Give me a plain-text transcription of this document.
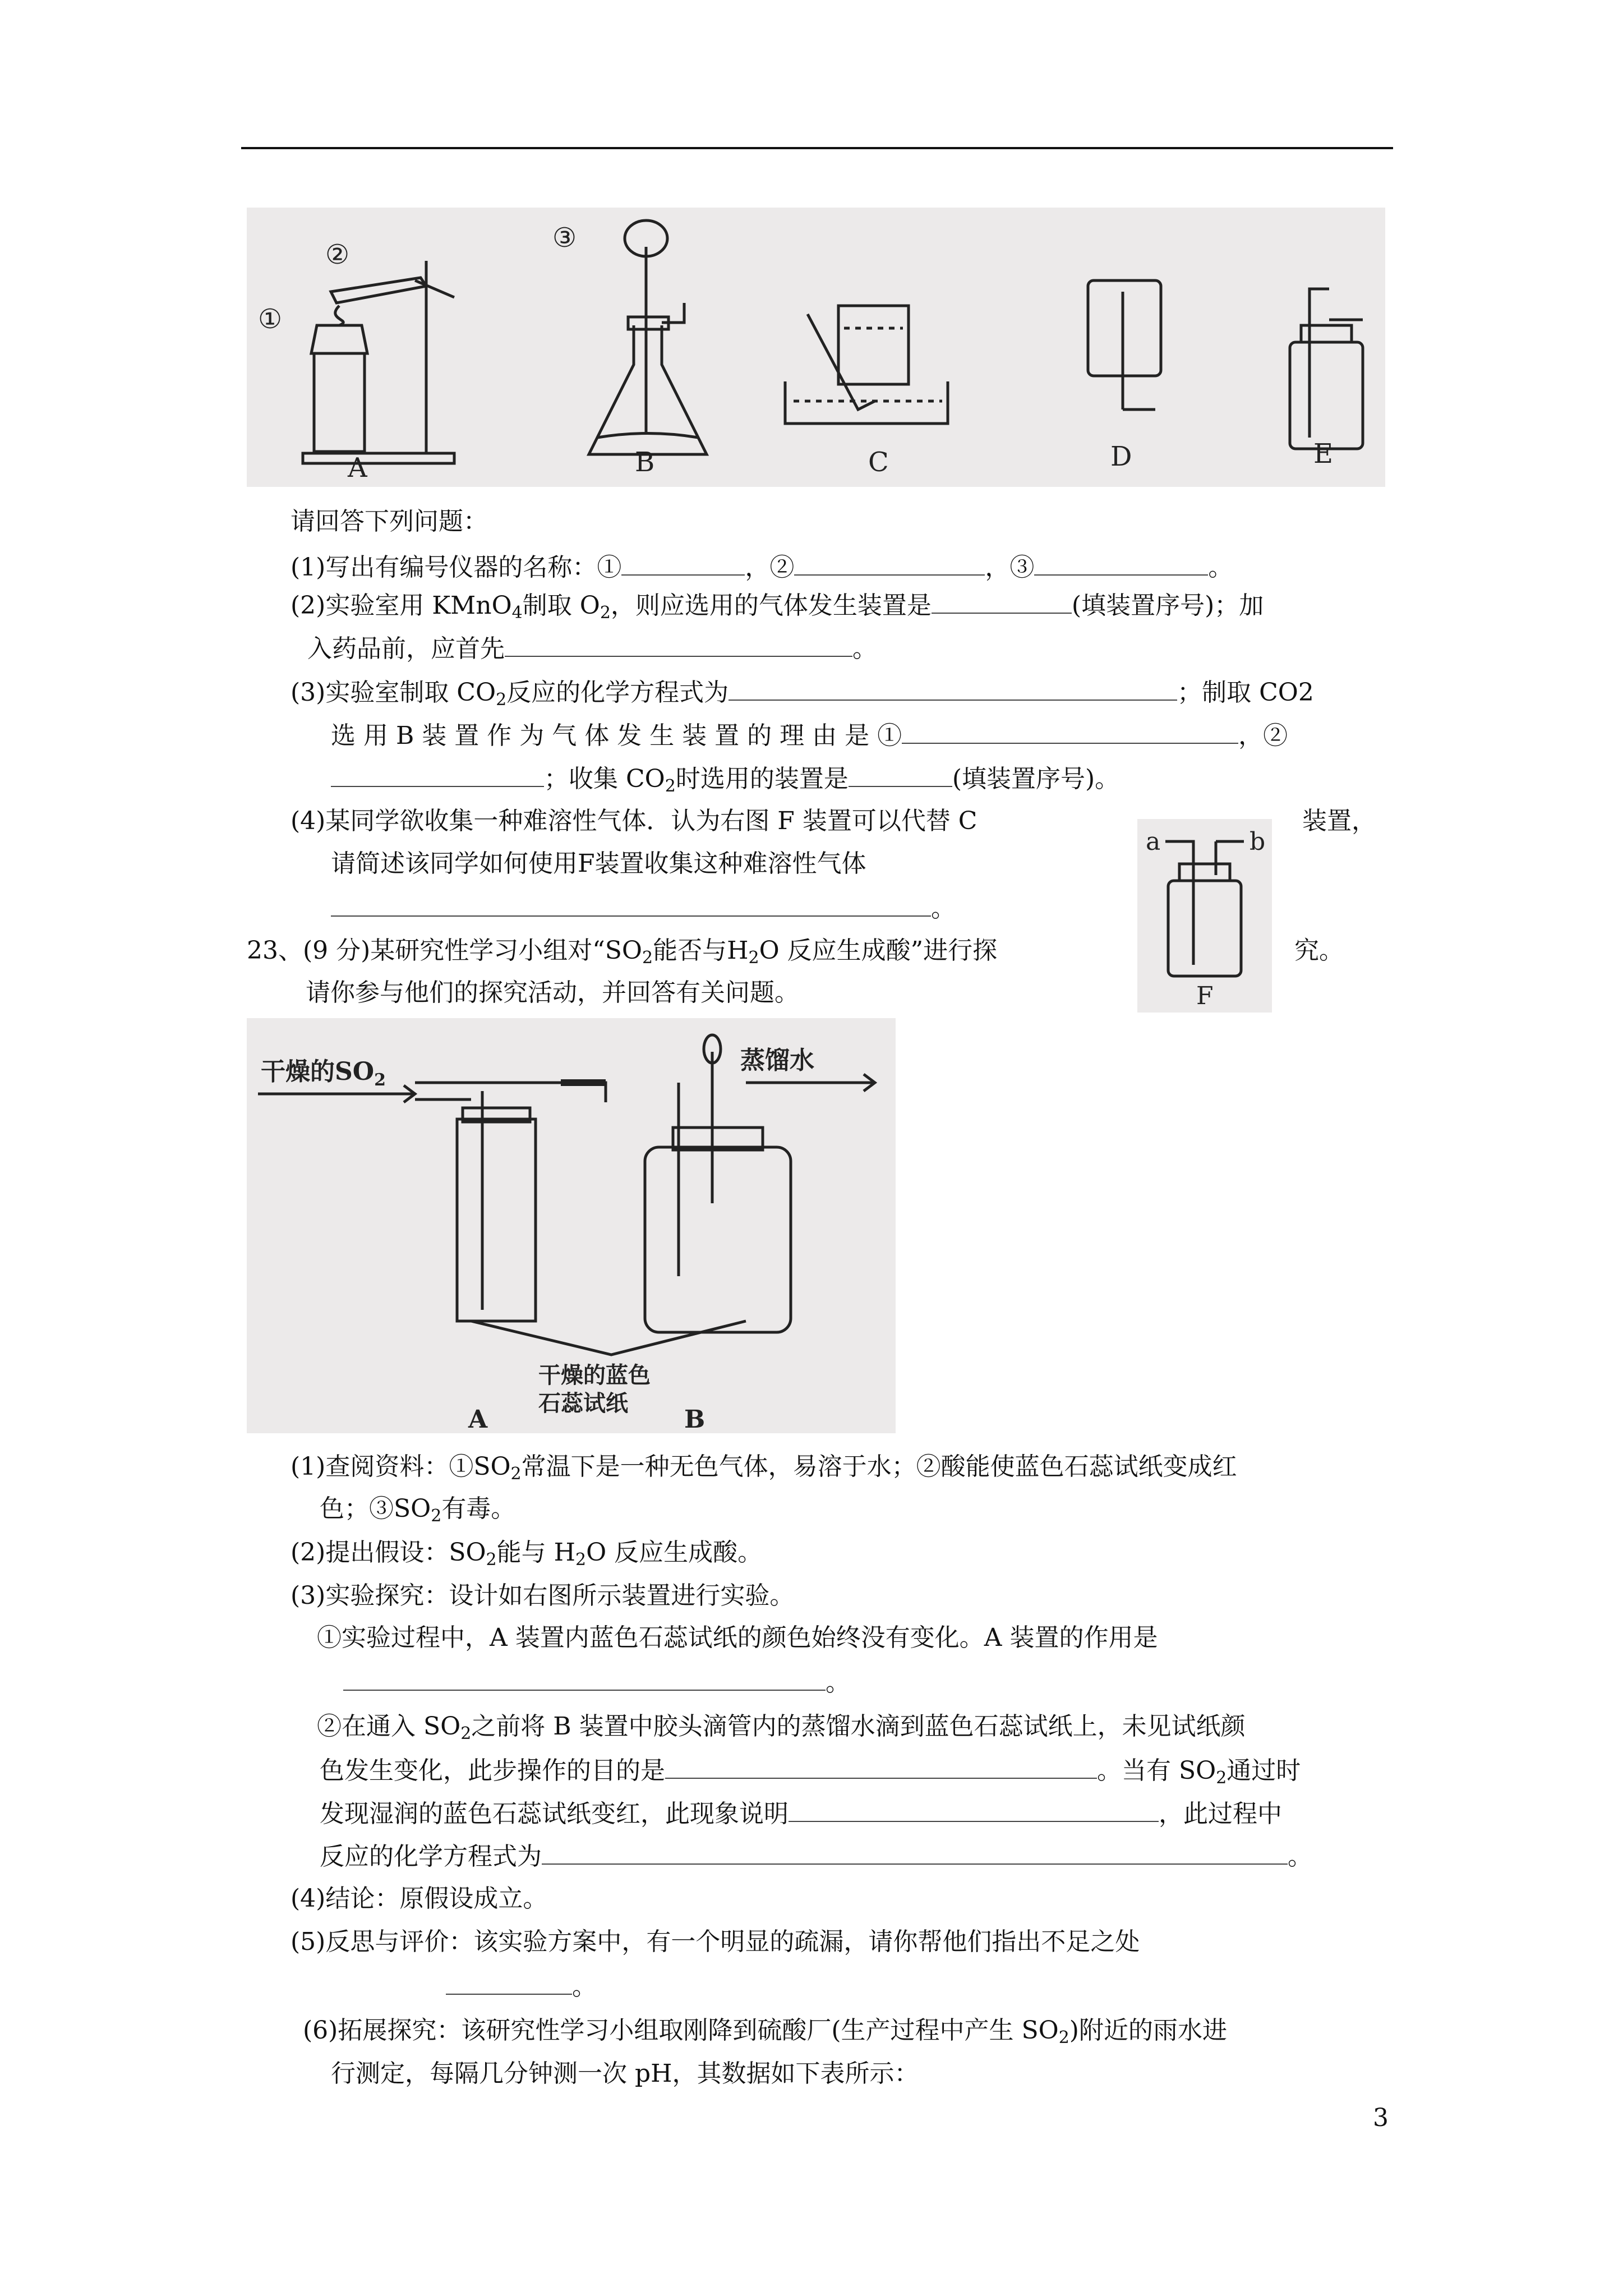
①
②
③
A	B	C	D	E
a	b
F
干燥的$SO_2$
蒸馏水
干燥的蓝色
石蕊试纸
A	B
请回答下列问题：
(1)写出有编号仪器的名称：①	，②	，③	。
(2)实验室用 KMnO$_4$制取 $O_2$，则应选用的气体发生装置是	(填装置序号)；加
入药品前，应首先	。
(3)实验室制取 $CO_2$反应的化学方程式为	；制取 CO2
选 用 B 装 置 作 为 气 体 发 生 装 置 的 理 由 是 ①	，②
；收集 $CO_2$时选用的装置是	(填装置序号)。
(4)某同学欲收集一种难溶性气体．认为右图 F 装置可以代替 C	装置，
请简述该同学如何使用F装置收集这种难溶性气体
。
23、(9 分)某研究性学习小组对“$SO_2$能否与$H_2O$ 反应生成酸”进行探	究。
请你参与他们的探究活动，并回答有关问题。
(1)查阅资料：$①SO_2$常温下是一种无色气体，易溶于水；②酸能使蓝色石蕊试纸变成红
色；$③SO_2$有毒。
(2)提出假设：$SO_2$能与 $H_2O$ 反应生成酸。
(3)实验探究：设计如右图所示装置进行实验。
①实验过程中，A 装置内蓝色石蕊试纸的颜色始终没有变化。A 装置的作用是
。
②在通入 $SO_2$之前将 B 装置中胶头滴管内的蒸馏水滴到蓝色石蕊试纸上，未见试纸颜
色发生变化，此步操作的目的是	。当有 $SO_2$通过时
发现湿润的蓝色石蕊试纸变红，此现象说明	，此过程中
反应的化学方程式为	。
(4)结论：原假设成立。
(5)反思与评价：该实验方案中，有一个明显的疏漏，请你帮他们指出不足之处
。
(6)拓展探究：该研究性学习小组取刚降到硫酸厂(生产过程中产生 $SO_2$)附近的雨水进
行测定，每隔几分钟测一次 pH，其数据如下表所示：
3
